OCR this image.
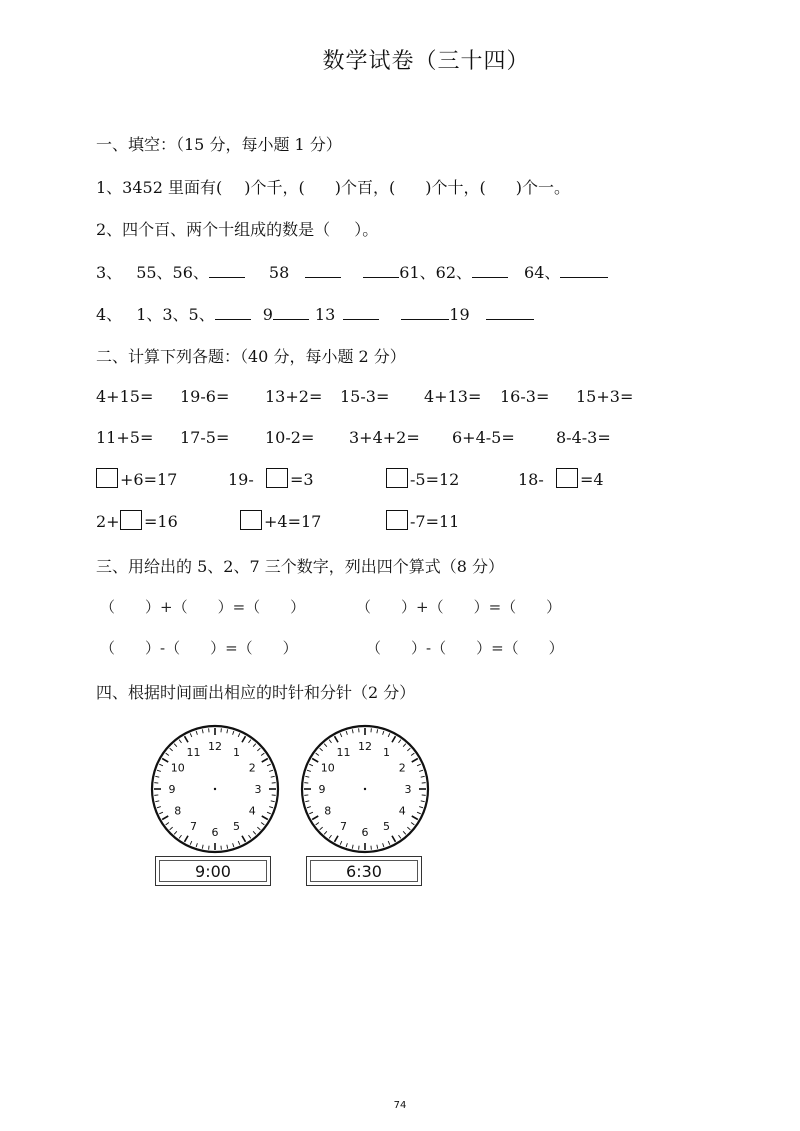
数学试卷（三十四）
一、填空：（15 分，每小题 1 分）
1、3452 里面有( )个千，( )个百，( )个十，( )个一。
2、四个百、两个十组成的数是（ ）。
3、 55、56、	58	61、62、	64、
4、 1、3、5、	9	13	19
二、计算下列各题：（40 分，每小题 2 分）
4+15= 19-6= 13+2= 15-3= 4+13= 16-3= 15+3=
11+5= 17-5= 10-2= 3+4+2= 6+4-5=	8-4-3=
+6=17	19- =3	-5=12	18- =4
2+ =16	+4=17	-7=11
三、用给出的 5、2、7 三个数字，列出四个算式（8 分）
（　　）+（　　）=（　　）	（　　）+（　　）=（　　）
（　　）-（　　）=（　　）	（　　）-（　　）=（　　）
四、根据时间画出相应的时针和分针（2 分）
12 1
2
3
4
5
6
7
8
9
10
11
9:00
12 1
2
3
4
5
6
7
8
9
10
11
6:30
74
